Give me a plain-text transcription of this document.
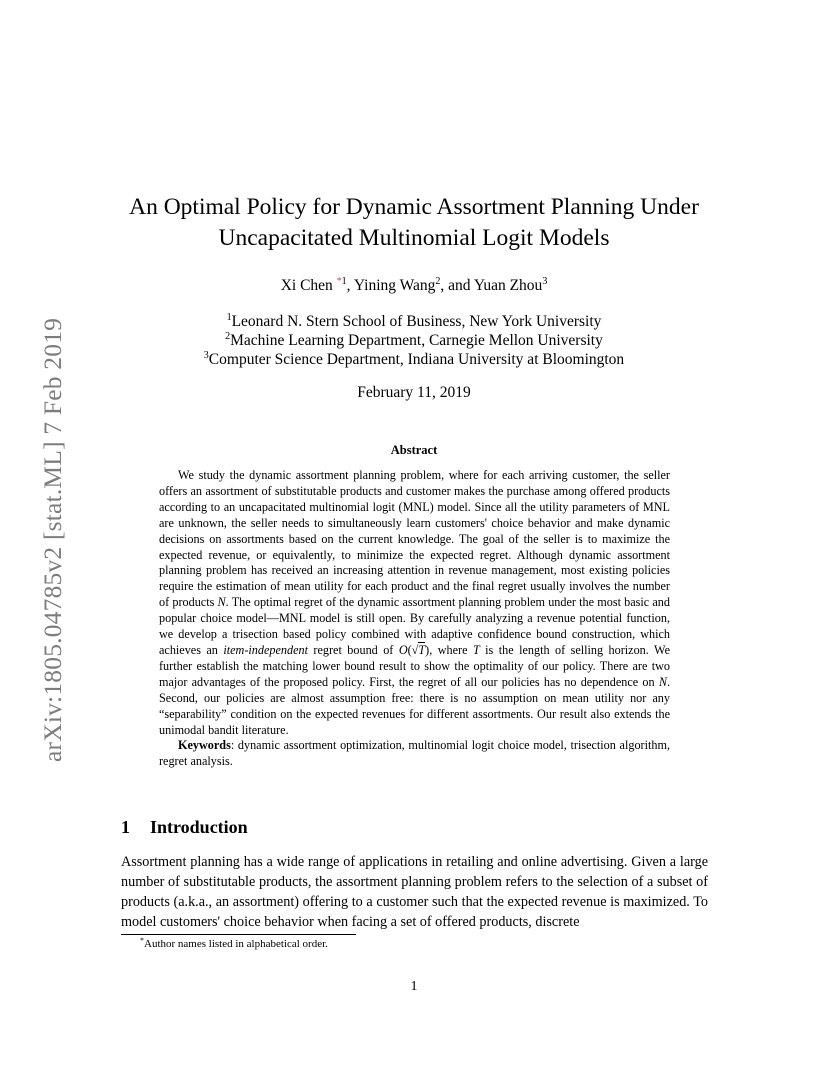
arXiv:1805.04785v2 [stat.ML] 7 Feb 2019
An Optimal Policy for Dynamic Assortment Planning Under
Uncapacitated Multinomial Logit Models
Xi Chen $^{*1}$, Yining Wang$^2$, and Yuan Zhou$^3$
$^1$Leonard N. Stern School of Business, New York University
$^2$Machine Learning Department, Carnegie Mellon University
$^3$Computer Science Department, Indiana University at Bloomington
February 11, 2019
Abstract

We study the dynamic assortment planning problem, where for each arriving customer, the seller offers an assortment of substitutable products and customer makes the purchase among offered products according to an uncapacitated multinomial logit (MNL) model. Since all the utility parameters of MNL are unknown, the seller needs to simultaneously learn customers' choice behavior and make dynamic decisions on assortments based on the current knowledge. The goal of the seller is to maximize the expected revenue, or equivalently, to minimize the expected regret. Although dynamic assortment planning problem has received an increasing attention in revenue management, most existing policies require the estimation of mean utility for each product and the final regret usually involves the number of products N. The optimal regret of the dynamic assortment planning problem under the most basic and popular choice model—MNL model is still open. By carefully analyzing a revenue potential function, we develop a trisection based policy combined with adaptive confidence bound construction, which achieves an item-independent regret bound of O(√T), where T is the length of selling horizon. We further establish the matching lower bound result to show the optimality of our policy. There are two major advantages of the proposed policy. First, the regret of all our policies has no dependence on N. Second, our policies are almost assumption free: there is no assumption on mean utility nor any “separability” condition on the expected revenues for different assortments. Our result also extends the unimodal bandit literature.

Keywords: dynamic assortment optimization, multinomial logit choice model, trisection algorithm, regret analysis.

1 Introduction

Assortment planning has a wide range of applications in retailing and online advertising. Given a large number of substitutable products, the assortment planning problem refers to the selection of a subset of products (a.k.a., an assortment) offering to a customer such that the expected revenue is maximized. To model customers' choice behavior when facing a set of offered products, discrete

*Author names listed in alphabetical order.
1
